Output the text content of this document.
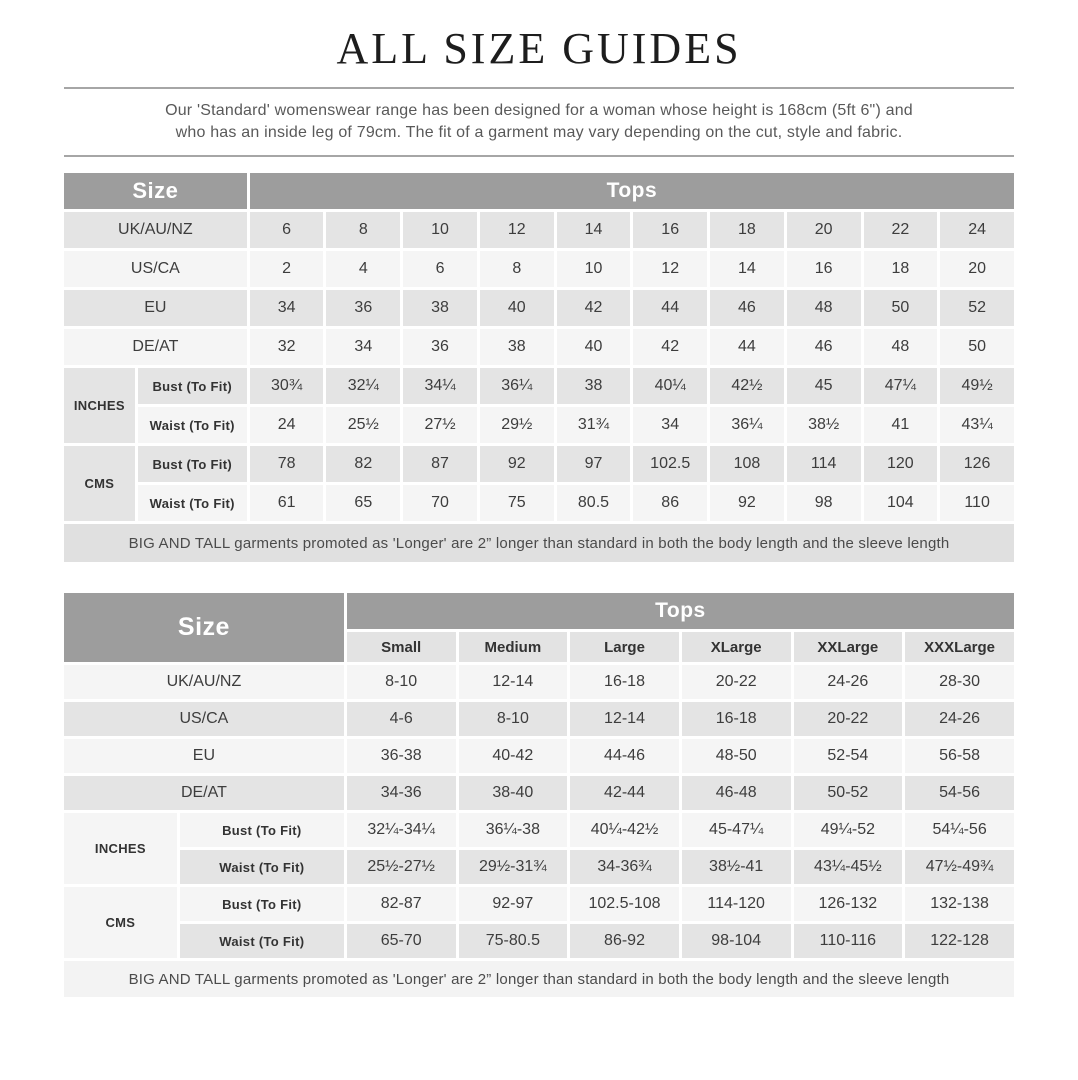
ALL SIZE GUIDES

Our 'Standard' womenswear range has been designed for a woman whose height is 168cm (5ft 6") and
who has an inside leg of 79cm. The fit of a garment may vary depending on the cut, style and fabric.

Size		Tops									
UK/AU/NZ		6	8	10	12	14	16	18	20	22	24
US/CA		2	4	6	8	10	12	14	16	18	20
EU		34	36	38	40	42	44	46	48	50	52
DE/AT		32	34	36	38	40	42	44	46	48	50
INCHES	Bust (To Fit)	30¾	32¼	34¼	36¼	38	40¼	42½	45	47¼	49½
	Waist (To Fit)	24	25½	27½	29½	31¾	34	36¼	38½	41	43¼
CMS	Bust (To Fit)	78	82	87	92	97	102.5	108	114	120	126
	Waist (To Fit)	61	65	70	75	80.5	86	92	98	104	110
BIG AND TALL garments promoted as 'Longer' are 2” longer than standard in both the body length and the sleeve length											
Size		Tops					
		Small	Medium	Large	XLarge	XXLarge	XXXLarge
UK/AU/NZ		8-10	12-14	16-18	20-22	24-26	28-30
US/CA		4-6	8-10	12-14	16-18	20-22	24-26
EU		36-38	40-42	44-46	48-50	52-54	56-58
DE/AT		34-36	38-40	42-44	46-48	50-52	54-56
INCHES	Bust (To Fit)	32¼-34¼	36¼-38	40¼-42½	45-47¼	49¼-52	54¼-56
	Waist (To Fit)	25½-27½	29½-31¾	34-36¾	38½-41	43¼-45½	47½-49¾
CMS	Bust (To Fit)	82-87	92-97	102.5-108	114-120	126-132	132-138
	Waist (To Fit)	65-70	75-80.5	86-92	98-104	110-116	122-128
BIG AND TALL garments promoted as 'Longer' are 2” longer than standard in both the body length and the sleeve length							
